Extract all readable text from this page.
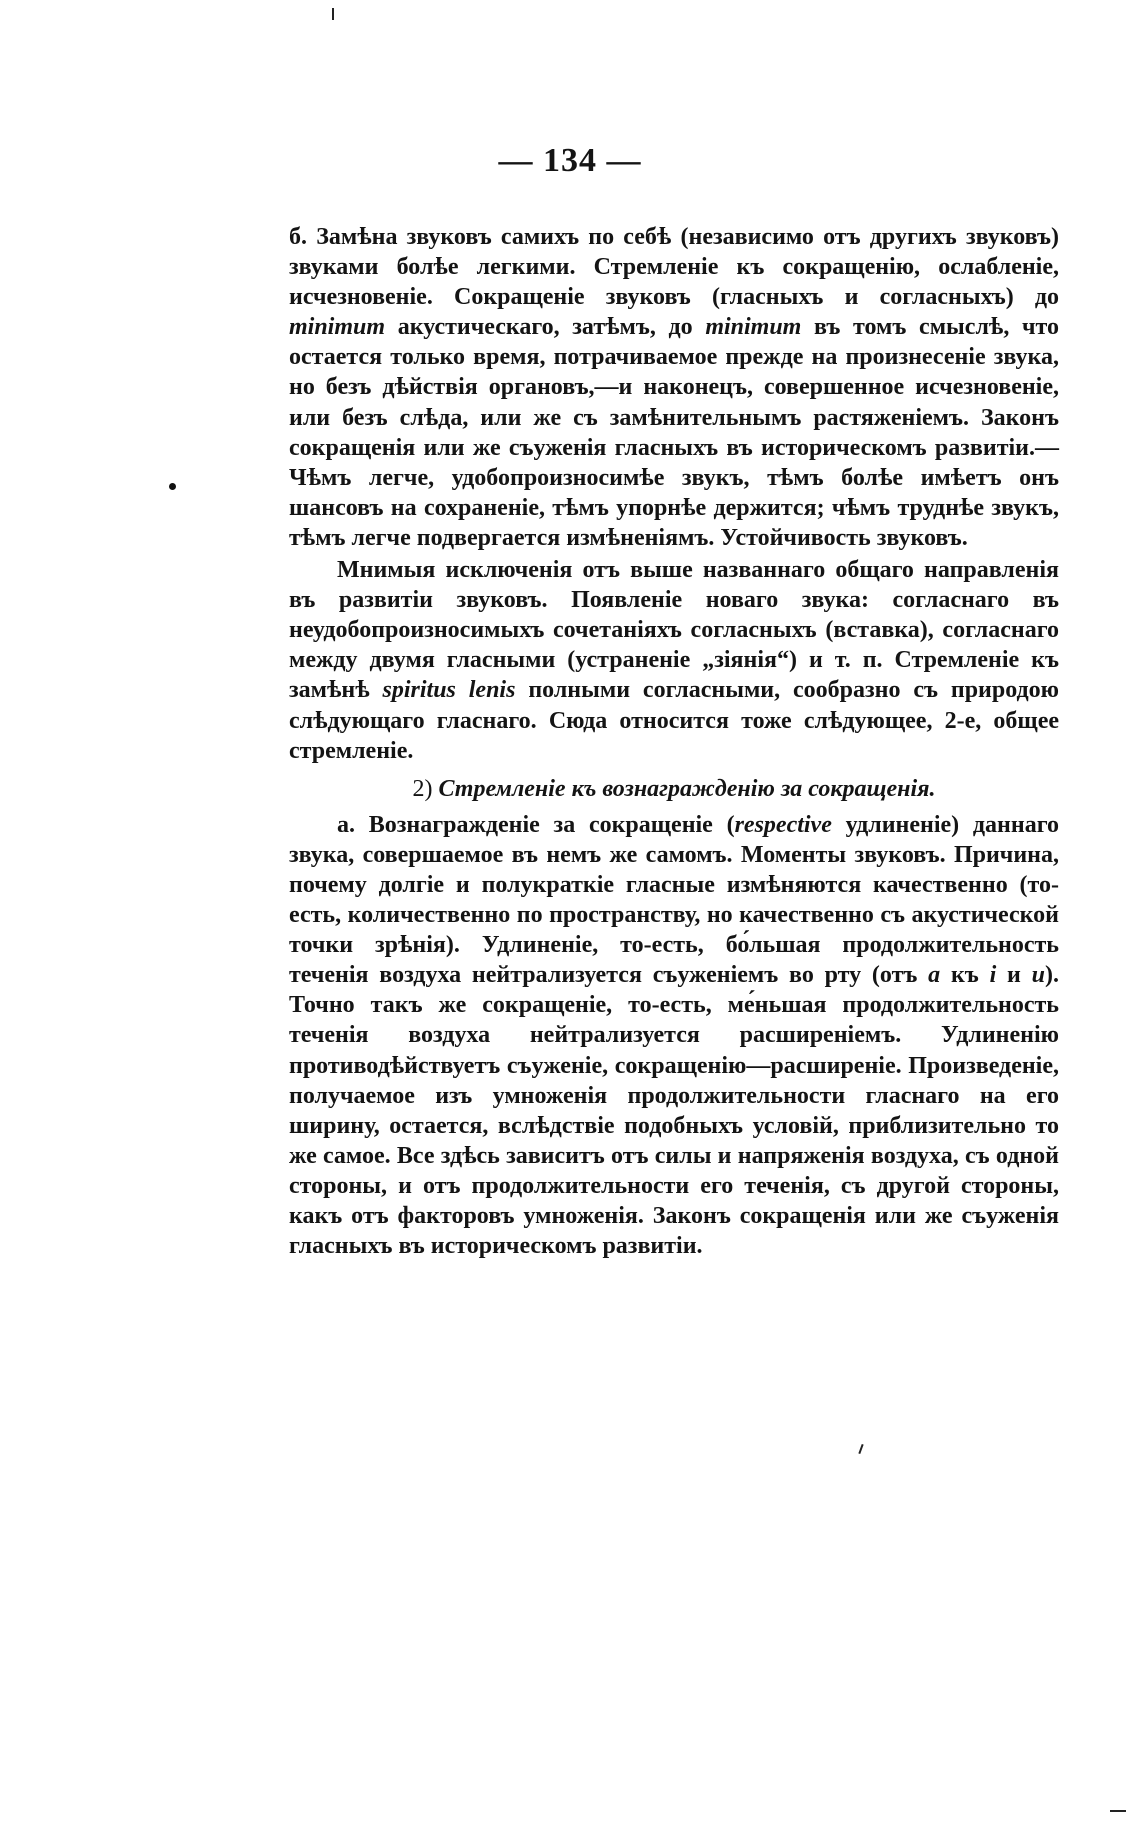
— 134 —

б. Замѣна звуковъ самихъ по себѣ (независимо отъ другихъ звуковъ) звуками болѣе легкими. Стремленіе къ сокращенію, ослабленіе, исчезновеніе. Сокращеніе звуковъ (гласныхъ и согласныхъ) до minimum акустическаго, затѣмъ, до minimum въ томъ смыслѣ, что остается только время, потрачиваемое прежде на произнесеніе звука, но безъ дѣйствія органовъ,—и наконецъ, совершенное исчезновеніе, или безъ слѣда, или же съ замѣнительнымъ растяженіемъ. Законъ сокращенія или же съуженія гласныхъ въ историческомъ развитіи.—Чѣмъ легче, удобопроизносимѣе звукъ, тѣмъ болѣе имѣетъ онъ шансовъ на сохраненіе, тѣмъ упорнѣе держится; чѣмъ труднѣе звукъ, тѣмъ легче подвергается измѣненіямъ. Устойчивость звуковъ.

Мнимыя исключенія отъ выше названнаго общаго направленія въ развитіи звуковъ. Появленіе новаго звука: согласнаго въ неудобопроизносимыхъ сочетаніяхъ согласныхъ (вставка), согласнаго между двумя гласными (устраненіе „зіянія“) и т. п. Стремленіе къ замѣнѣ spiritus lenis полными согласными, сообразно съ природою слѣдующаго гласнаго. Сюда относится тоже слѣдующее, 2-е, общее стремленіе.

2) Стремленіе къ вознагражденію за сокращенія.

а. Вознагражденіе за сокращеніе (respective удлиненіе) даннаго звука, совершаемое въ немъ же самомъ. Моменты звуковъ. Причина, почему долгіе и полукраткіе гласные измѣняются качественно (то-есть, количественно по пространству, но качественно съ акустической точки зрѣнія). Удлиненіе, то-есть, бо́льшая продолжительность теченія воздуха нейтрализуется съуженіемъ во рту (отъ a къ i и u). Точно такъ же сокращеніе, то-есть, ме́ньшая продолжительность теченія воздуха нейтрализуется расширеніемъ. Удлиненію противодѣйствуетъ съуженіе, сокращенію—расширеніе. Произведеніе, получаемое изъ умноженія продолжительности гласнаго на его ширину, остается, вслѣдствіе подобныхъ условій, приблизительно то же самое. Все здѣсь зависитъ отъ силы и напряженія воздуха, съ одной стороны, и отъ продолжительности его теченія, съ другой стороны, какъ отъ факторовъ умноженія. Законъ сокращенія или же съуженія гласныхъ въ историческомъ развитіи.
